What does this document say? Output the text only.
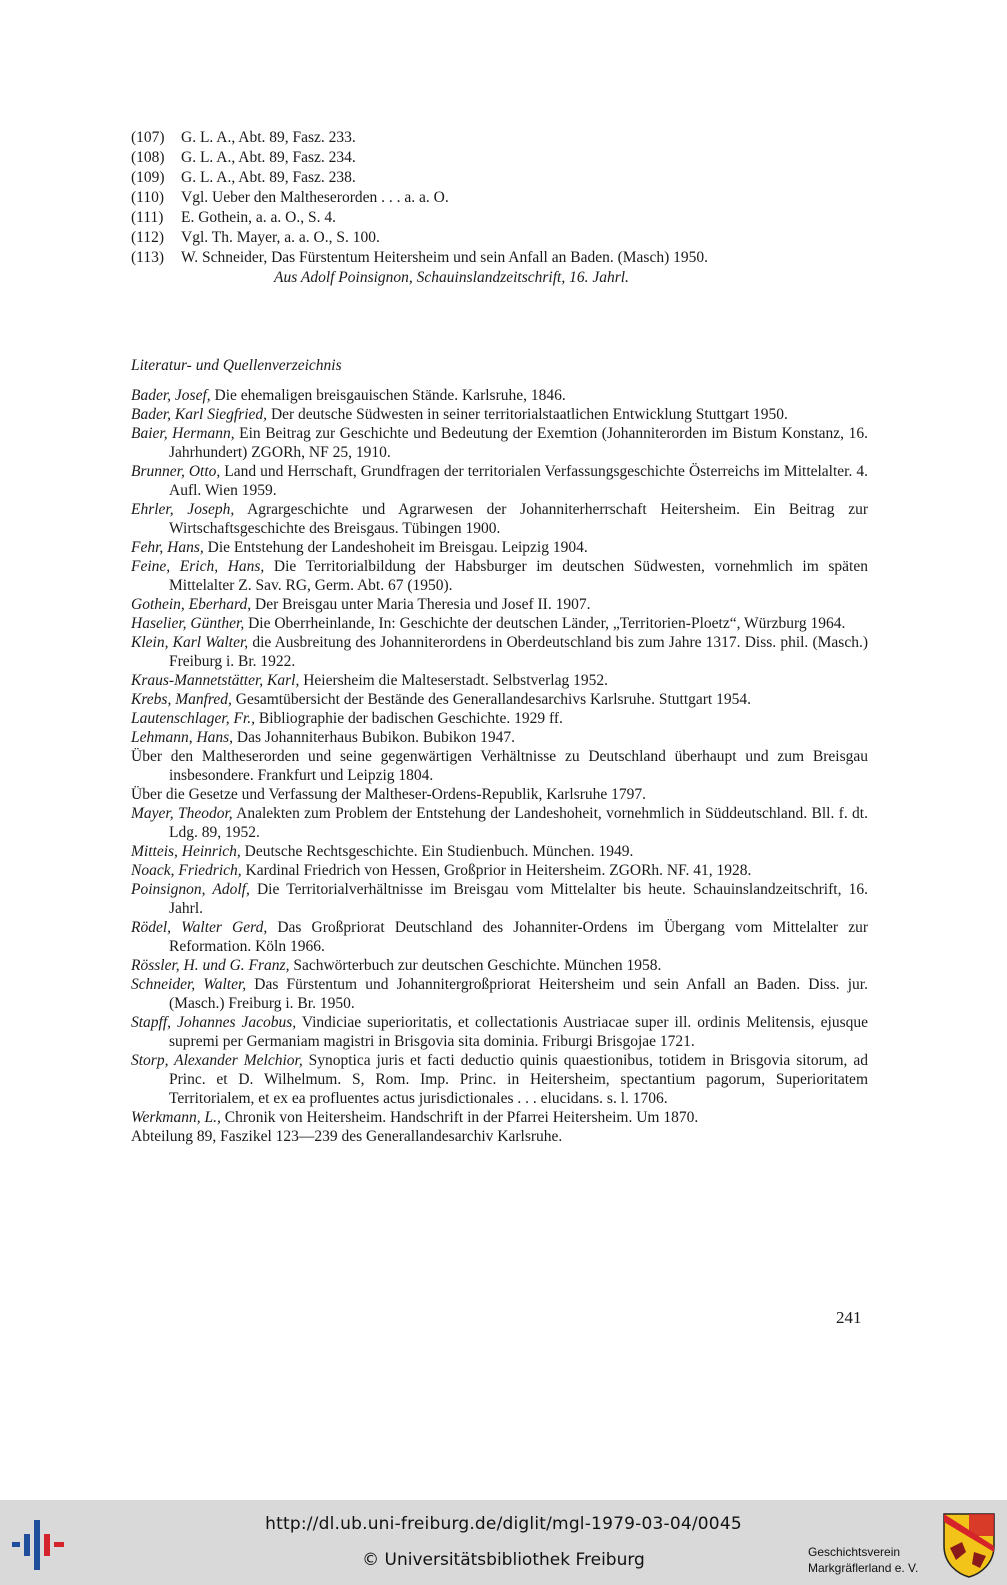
(107)	G. L. A., Abt. 89, Fasz. 233.
(108)	G. L. A., Abt. 89, Fasz. 234.
(109)	G. L. A., Abt. 89, Fasz. 238.
(110)	Vgl. Ueber den Maltheserorden . . . a. a. O.
(111)	E. Gothein, a. a. O., S. 4.
(112)	Vgl. Th. Mayer, a. a. O., S. 100.
(113)	W. Schneider, Das Fürstentum Heitersheim und sein Anfall an Baden. (Masch) 1950.
Aus Adolf Poinsignon, Schauinslandzeitschrift, 16. Jahrl.
Literatur- und Quellenverzeichnis
Bader, Josef, Die ehemaligen breisgauischen Stände. Karlsruhe, 1846.
Bader, Karl Siegfried, Der deutsche Südwesten in seiner territorialstaatlichen Entwicklung Stuttgart 1950.
Baier, Hermann, Ein Beitrag zur Geschichte und Bedeutung der Exemtion (Johanniterorden im Bistum Konstanz, 16. Jahrhundert) ZGORh, NF 25, 1910.
Brunner, Otto, Land und Herrschaft, Grundfragen der territorialen Verfassungsgeschichte Österreichs im Mittelalter. 4. Aufl. Wien 1959.
Ehrler, Joseph, Agrargeschichte und Agrarwesen der Johanniterherrschaft Heitersheim. Ein Beitrag zur Wirtschaftsgeschichte des Breisgaus. Tübingen 1900.
Fehr, Hans, Die Entstehung der Landeshoheit im Breisgau. Leipzig 1904.
Feine, Erich, Hans, Die Territorialbildung der Habsburger im deutschen Südwesten, vornehmlich im späten Mittelalter Z. Sav. RG, Germ. Abt. 67 (1950).
Gothein, Eberhard, Der Breisgau unter Maria Theresia und Josef II. 1907.
Haselier, Günther, Die Oberrheinlande, In: Geschichte der deutschen Länder, „Territorien-Ploetz“, Würzburg 1964.
Klein, Karl Walter, die Ausbreitung des Johanniterordens in Oberdeutschland bis zum Jahre 1317. Diss. phil. (Masch.) Freiburg i. Br. 1922.
Kraus-Mannetstätter, Karl, Heiersheim die Malteserstadt. Selbstverlag 1952.
Krebs, Manfred, Gesamtübersicht der Bestände des Generallandesarchivs Karlsruhe. Stuttgart 1954.
Lautenschlager, Fr., Bibliographie der badischen Geschichte. 1929 ff.
Lehmann, Hans, Das Johanniterhaus Bubikon. Bubikon 1947.
Über den Maltheserorden und seine gegenwärtigen Verhältnisse zu Deutschland überhaupt und zum Breisgau insbesondere. Frankfurt und Leipzig 1804.
Über die Gesetze und Verfassung der Maltheser-Ordens-Republik, Karlsruhe 1797.
Mayer, Theodor, Analekten zum Problem der Entstehung der Landeshoheit, vornehmlich in Süddeutschland. Bll. f. dt. Ldg. 89, 1952.
Mitteis, Heinrich, Deutsche Rechtsgeschichte. Ein Studienbuch. München. 1949.
Noack, Friedrich, Kardinal Friedrich von Hessen, Großprior in Heitersheim. ZGORh. NF. 41, 1928.
Poinsignon, Adolf, Die Territorialverhältnisse im Breisgau vom Mittelalter bis heute. Schauinslandzeitschrift, 16. Jahrl.
Rödel, Walter Gerd, Das Großpriorat Deutschland des Johanniter-Ordens im Übergang vom Mittelalter zur Reformation. Köln 1966.
Rössler, H. und G. Franz, Sachwörterbuch zur deutschen Geschichte. München 1958.
Schneider, Walter, Das Fürstentum und Johannitergroßpriorat Heitersheim und sein Anfall an Baden. Diss. jur. (Masch.) Freiburg i. Br. 1950.
Stapff, Johannes Jacobus, Vindiciae superioritatis, et collectationis Austriacae super ill. ordinis Melitensis, ejusque supremi per Germaniam magistri in Brisgovia sita dominia. Friburgi Brisgojae 1721.
Storp, Alexander Melchior, Synoptica juris et facti deductio quinis quaestionibus, totidem in Brisgovia sitorum, ad Princ. et D. Wilhelmum. S, Rom. Imp. Princ. in Heitersheim, spectantium pagorum, Superioritatem Territorialem, et ex ea profluentes actus jurisdictionales . . . elucidans. s. l. 1706.
Werkmann, L., Chronik von Heitersheim. Handschrift in der Pfarrei Heitersheim. Um 1870.
Abteilung 89, Faszikel 123—239 des Generallandesarchiv Karlsruhe.
241
http://dl.ub.uni-freiburg.de/diglit/mgl-1979-03-04/0045
© Universitätsbibliothek Freiburg	Geschichtsverein
Markgräflerland e. V.
